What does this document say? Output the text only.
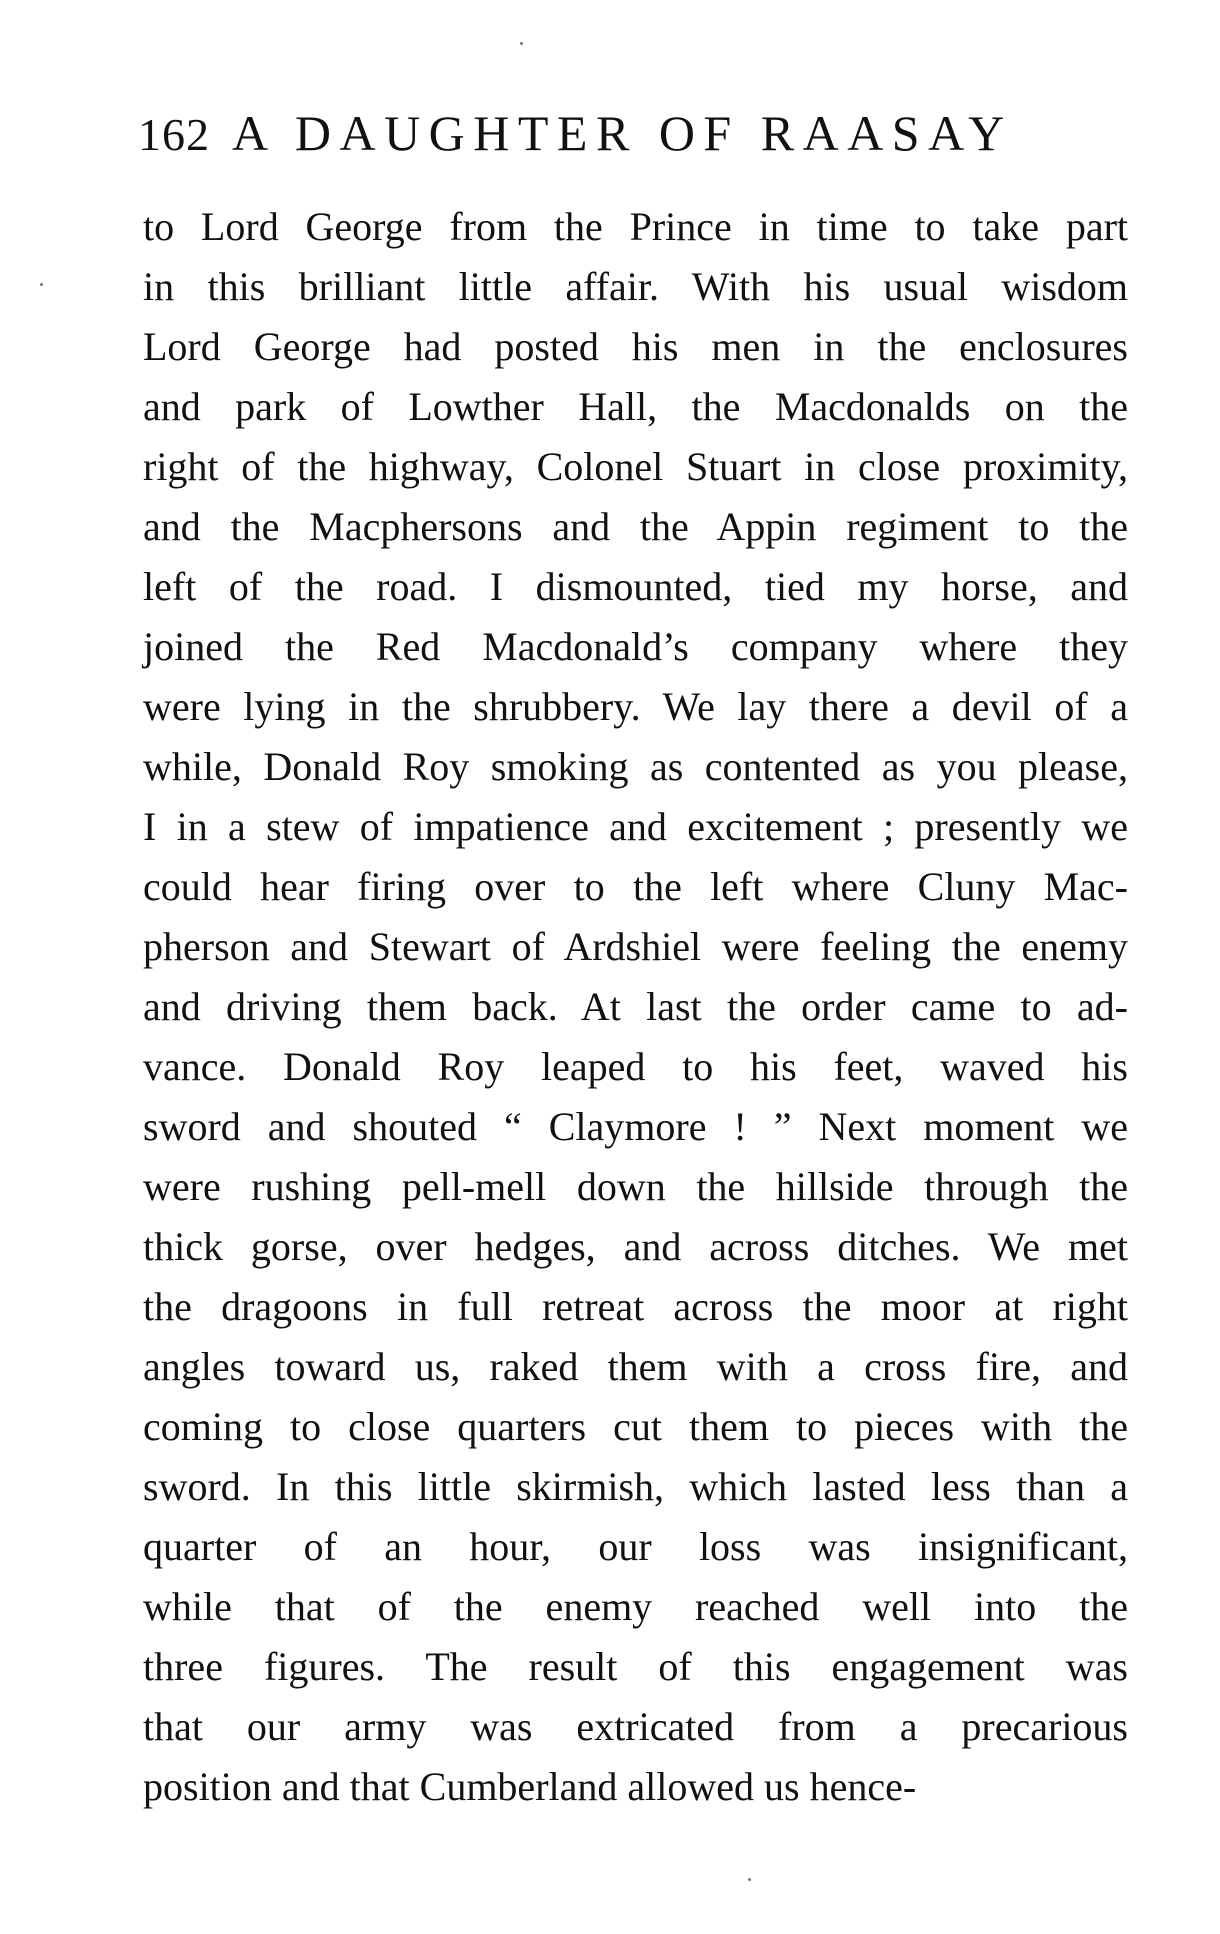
162 A DAUGHTER OF RAASAY
to Lord George from the Prince in time to take part
in this brilliant little affair. With his usual wisdom
Lord George had posted his men in the enclosures
and park of Lowther Hall, the Macdonalds on the
right of the highway, Colonel Stuart in close proximity,
and the Macphersons and the Appin regiment to the
left of the road. I dismounted, tied my horse, and
joined the Red Macdonald’s company where they
were lying in the shrubbery. We lay there a devil of a
while, Donald Roy smoking as contented as you please,
I in a stew of impatience and excitement ; presently we
could hear firing over to the left where Cluny Mac-
pherson and Stewart of Ardshiel were feeling the enemy
and driving them back. At last the order came to ad-
vance. Donald Roy leaped to his feet, waved his
sword and shouted “ Claymore ! ” Next moment we
were rushing pell-mell down the hillside through the
thick gorse, over hedges, and across ditches. We met
the dragoons in full retreat across the moor at right
angles toward us, raked them with a cross fire, and
coming to close quarters cut them to pieces with the
sword. In this little skirmish, which lasted less than a
quarter of an hour, our loss was insignificant,
while that of the enemy reached well into the
three figures. The result of this engagement was
that our army was extricated from a precarious
position and that Cumberland allowed us hence-
